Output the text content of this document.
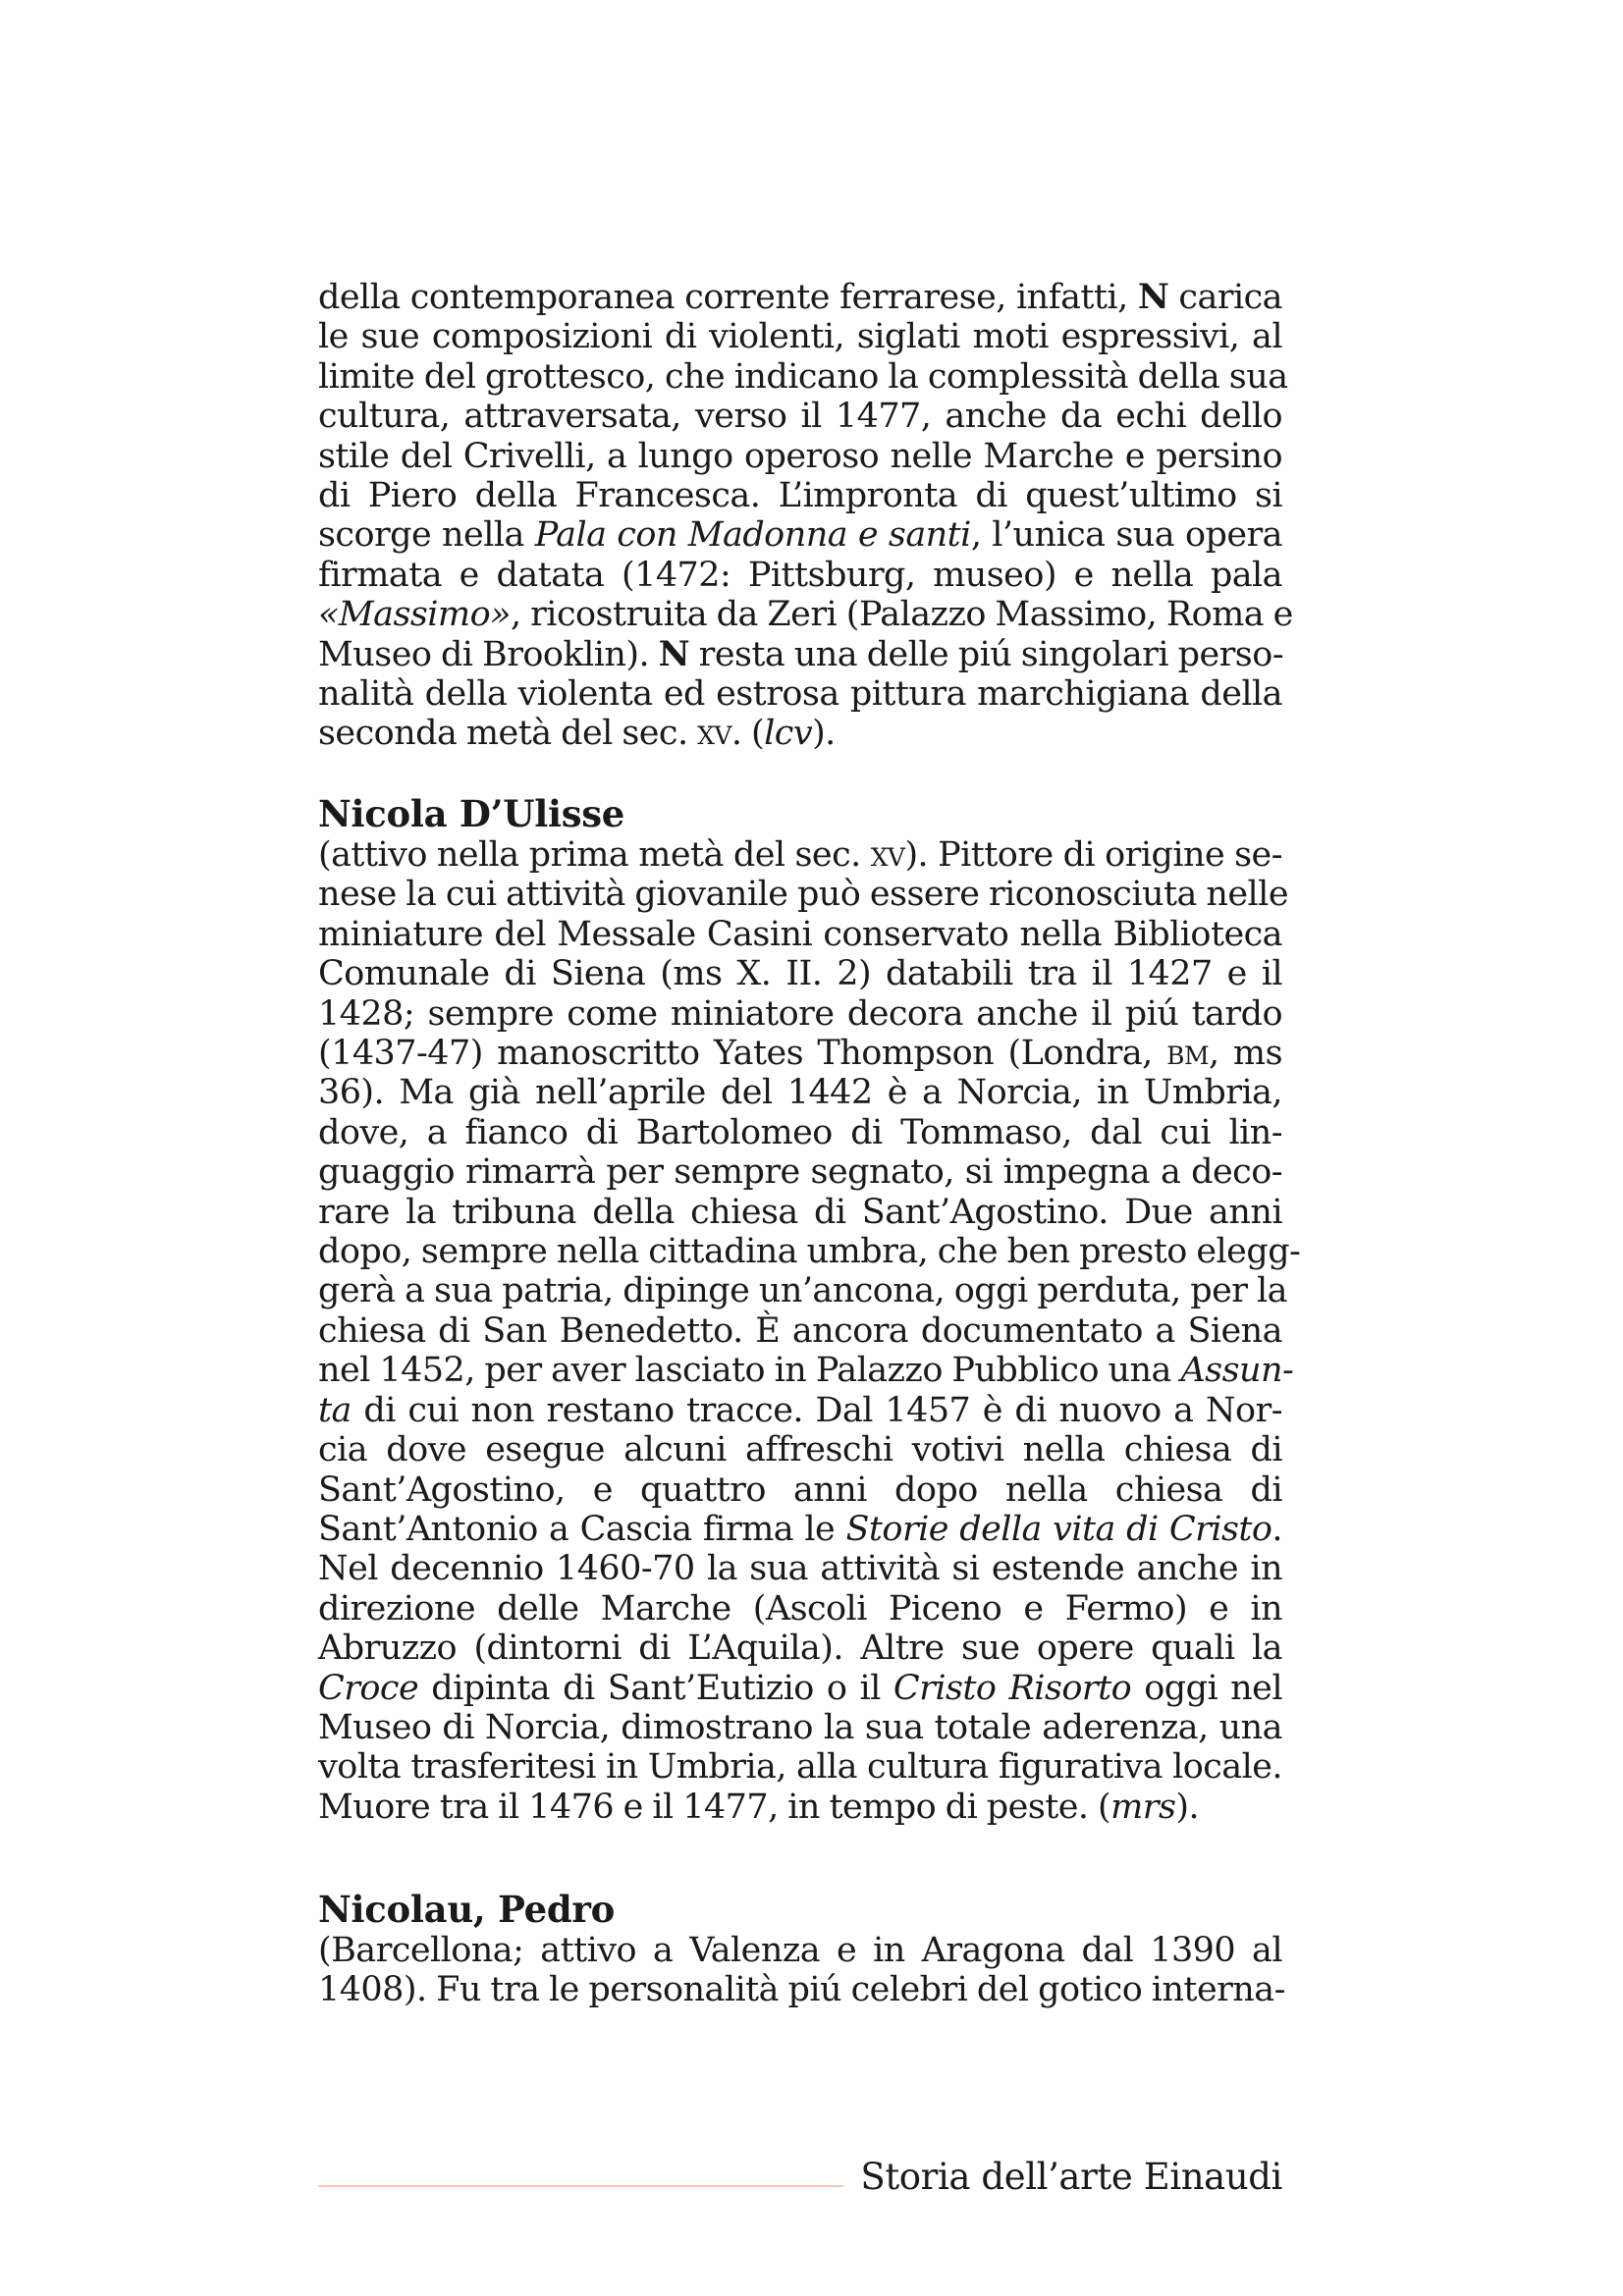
della contemporanea corrente ferrarese, infatti, N carica
le sue composizioni di violenti, siglati moti espressivi, al
limite del grottesco, che indicano la complessità della sua
cultura, attraversata, verso il 1477, anche da echi dello
stile del Crivelli, a lungo operoso nelle Marche e persino
di Piero della Francesca. L’impronta di quest’ultimo si
scorge nella Pala con Madonna e santi, l’unica sua opera
firmata e datata (1472: Pittsburg, museo) e nella pala
«Massimo», ricostruita da Zeri (Palazzo Massimo, Roma e
Museo di Brooklin). N resta una delle piú singolari perso-
nalità della violenta ed estrosa pittura marchigiana della
seconda metà del sec. xv. (lcv).
Nicola D’Ulisse
(attivo nella prima metà del sec. xv). Pittore di origine se-
nese la cui attività giovanile può essere riconosciuta nelle
miniature del Messale Casini conservato nella Biblioteca
Comunale di Siena (ms X. II. 2) databili tra il 1427 e il
1428; sempre come miniatore decora anche il piú tardo
(1437-47) manoscritto Yates Thompson (Londra, bm, ms
36). Ma già nell’aprile del 1442 è a Norcia, in Umbria,
dove, a fianco di Bartolomeo di Tommaso, dal cui lin-
guaggio rimarrà per sempre segnato, si impegna a deco-
rare la tribuna della chiesa di Sant’Agostino. Due anni
dopo, sempre nella cittadina umbra, che ben presto elegg-
gerà a sua patria, dipinge un’ancona, oggi perduta, per la
chiesa di San Benedetto. È ancora documentato a Siena
nel 1452, per aver lasciato in Palazzo Pubblico una Assun-
ta di cui non restano tracce. Dal 1457 è di nuovo a Nor-
cia dove esegue alcuni affreschi votivi nella chiesa di
Sant’Agostino, e quattro anni dopo nella chiesa di
Sant’Antonio a Cascia firma le Storie della vita di Cristo.
Nel decennio 1460-70 la sua attività si estende anche in
direzione delle Marche (Ascoli Piceno e Fermo) e in
Abruzzo (dintorni di L’Aquila). Altre sue opere quali la
Croce dipinta di Sant’Eutizio o il Cristo Risorto oggi nel
Museo di Norcia, dimostrano la sua totale aderenza, una
volta trasferitesi in Umbria, alla cultura figurativa locale.
Muore tra il 1476 e il 1477, in tempo di peste. (mrs).
Nicolau, Pedro
(Barcellona; attivo a Valenza e in Aragona dal 1390 al
1408). Fu tra le personalità piú celebri del gotico interna-
Storia dell’arte Einaudi
